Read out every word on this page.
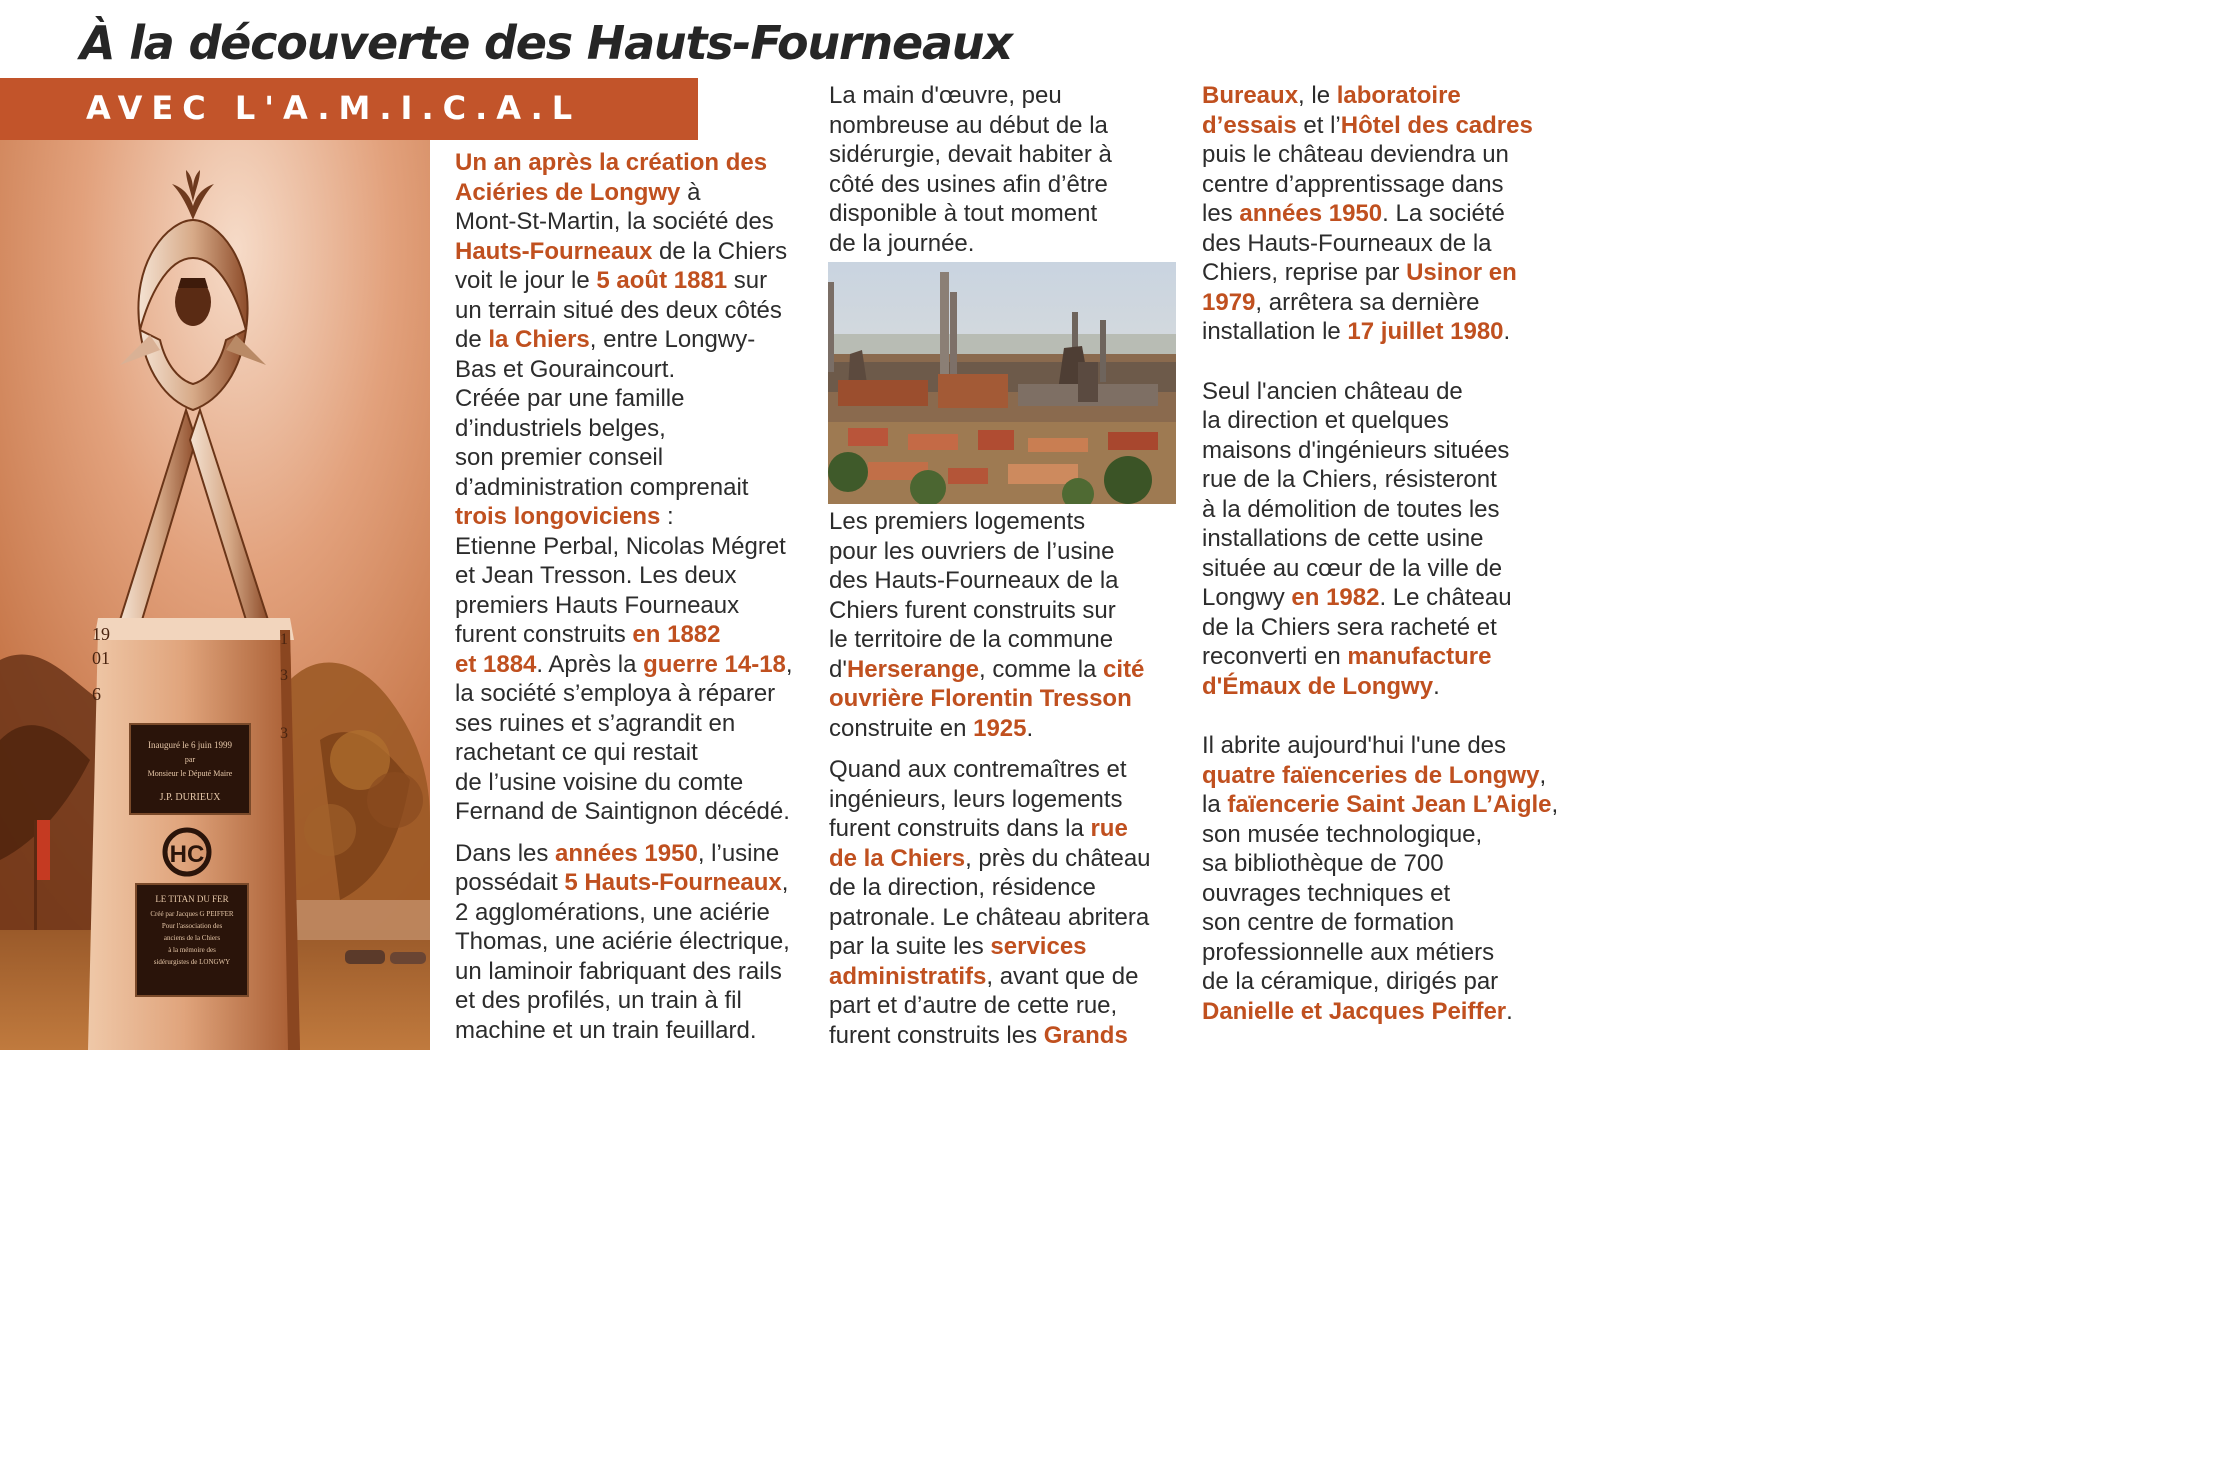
À la découverte des Hauts-Fourneaux
AVEC L'A.M.I.C.A.L
19
01
6
1
3
3
Inauguré le 6 juin 1999
par
Monsieur le Député Maire
J.P. DURIEUX
HC
LE TITAN DU FER
Créé par Jacques G PEIFFER
Pour l'association des
anciens de la Chiers
à la mémoire des
sidérurgistes de LONGWY

Un an après la création des
Aciéries de Longwy à
Mont-St-Martin, la société des
Hauts-Fourneaux de la Chiers
voit le jour le 5 août 1881 sur
un terrain situé des deux côtés
de la Chiers, entre Longwy-
Bas et Gouraincourt.
Créée par une famille
d’industriels belges,
son premier conseil
d’administration comprenait
trois longoviciens :
Etienne Perbal, Nicolas Mégret
et Jean Tresson. Les deux
premiers Hauts Fourneaux
furent construits en 1882
et 1884. Après la guerre 14-18,
la société s’employa à réparer
ses ruines et s’agrandit en
rachetant ce qui restait
de l’usine voisine du comte
Fernand de Saintignon décédé.

Dans les années 1950, l’usine
possédait 5 Hauts-Fourneaux,
2 agglomérations, une aciérie
Thomas, une aciérie électrique,
un laminoir fabriquant des rails
et des profilés, un train à fil
machine et un train feuillard.

La main d'œuvre, peu
nombreuse au début de la
sidérurgie, devait habiter à
côté des usines afin d’être
disponible à tout moment
de la journée.

Les premiers logements
pour les ouvriers de l’usine
des Hauts-Fourneaux de la
Chiers furent construits sur
le territoire de la commune
d'Herserange, comme la cité
ouvrière Florentin Tresson
construite en 1925.

Quand aux contremaîtres et
ingénieurs, leurs logements
furent construits dans la rue
de la Chiers, près du château
de la direction, résidence
patronale. Le château abritera
par la suite les services
administratifs, avant que de
part et d’autre de cette rue,
furent construits les Grands

Bureaux, le laboratoire
d’essais et l’Hôtel des cadres
puis le château deviendra un
centre d’apprentissage dans
les années 1950. La société
des Hauts-Fourneaux de la
Chiers, reprise par Usinor en
1979, arrêtera sa dernière
installation le 17 juillet 1980.

Seul l'ancien château de
la direction et quelques
maisons d'ingénieurs situées
rue de la Chiers, résisteront
à la démolition de toutes les
installations de cette usine
située au cœur de la ville de
Longwy en 1982. Le château
de la Chiers sera racheté et
reconverti en manufacture
d'Émaux de Longwy.

Il abrite aujourd'hui l'une des
quatre faïenceries de Longwy,
la faïencerie Saint Jean L’Aigle,
son musée technologique,
sa bibliothèque de 700
ouvrages techniques et
son centre de formation
professionnelle aux métiers
de la céramique, dirigés par
Danielle et Jacques Peiffer.
